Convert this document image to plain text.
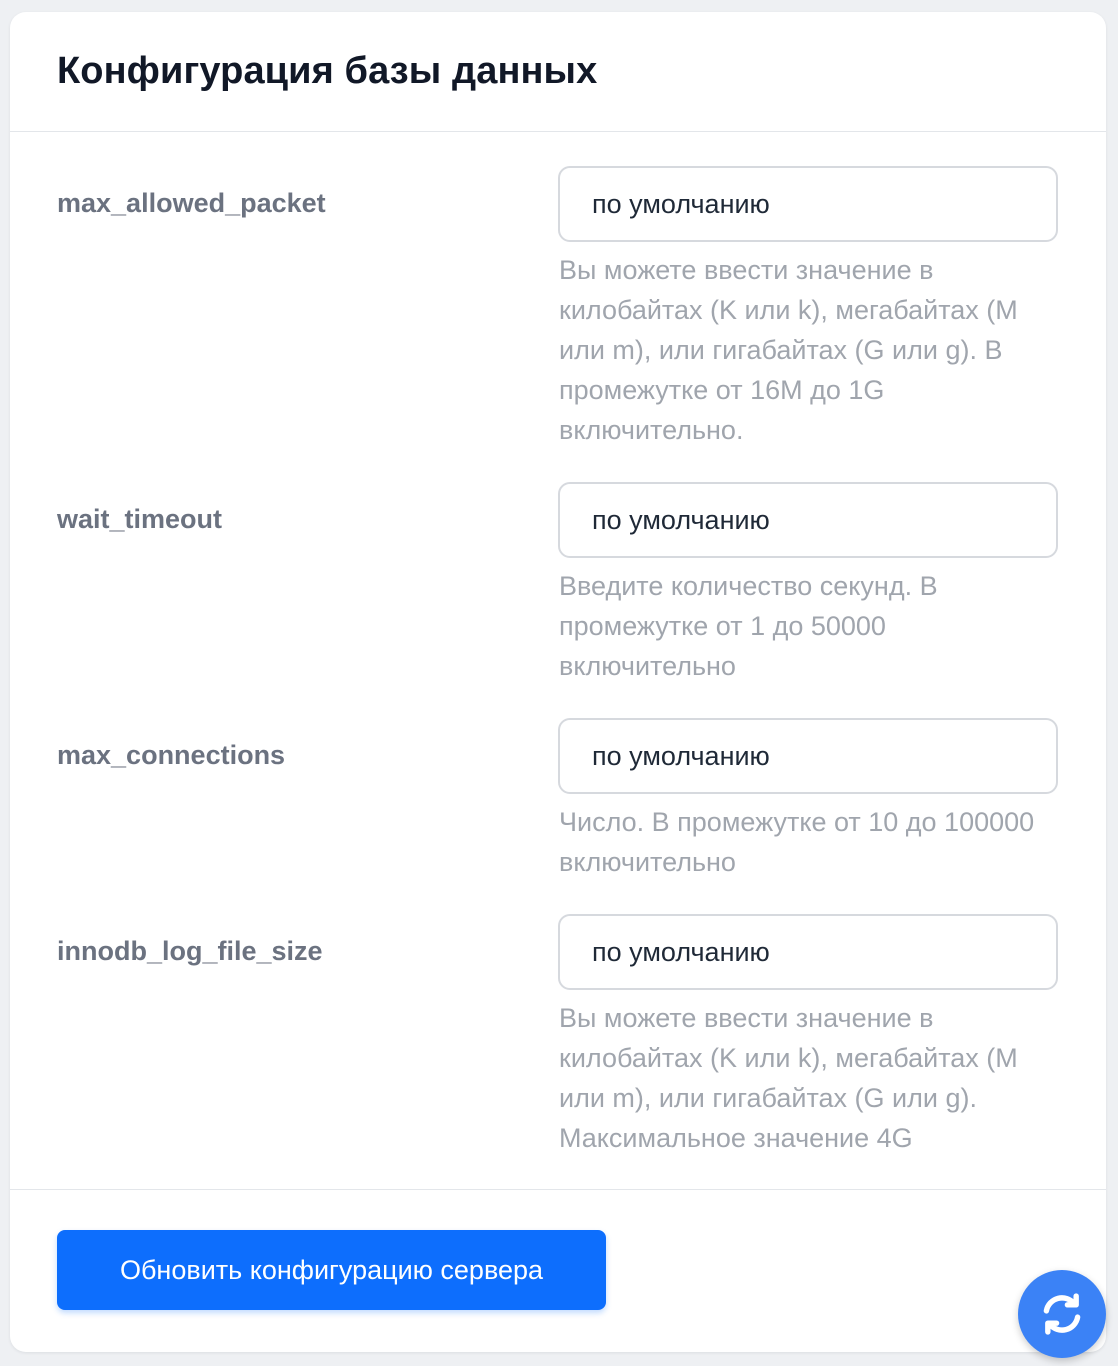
Конфигурация базы данных
max_allowed_packet
по умолчанию

Вы можете ввести значение в килобайтах (K или k), мегабайтах (M или m), или гигабайтах (G или g). В промежутке от 16M до 1G включительно.

wait_timeout
по умолчанию

Введите количество секунд. В промежутке от 1 до 50000 включительно

max_connections
по умолчанию

Число. В промежутке от 10 до 100000 включительно

innodb_log_file_size
по умолчанию

Вы можете ввести значение в килобайтах (K или k), мегабайтах (M или m), или гигабайтах (G или g). Максимальное значение 4G

Обновить конфигурацию сервера
